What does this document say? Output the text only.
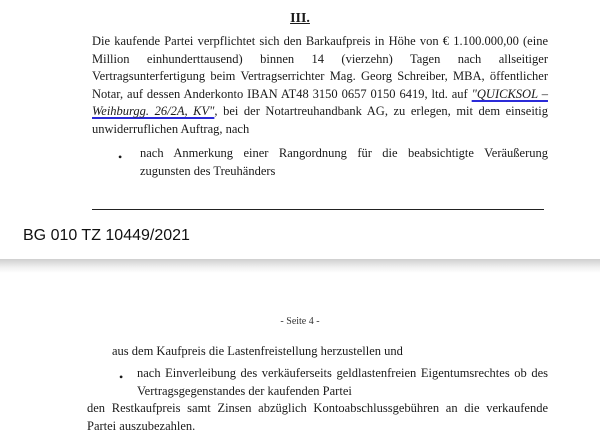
III.
Die kaufende Partei verpflichtet sich den Barkaufpreis in Höhe von € 1.100.000,00 (eine Million einhunderttausend) binnen 14 (vierzehn) Tagen nach allseitiger Vertragsunterfertigung beim Vertragserrichter Mag. Georg Schreiber, MBA, öffentlicher Notar, auf dessen Anderkonto IBAN AT48 3150 0657 0150 6419, ltd. auf "QUICKSOL – Weihburgg. 26/2A, KV", bei der Notartreuhandbank AG, zu erlegen, mit dem einseitig unwiderruflichen Auftrag, nach
• nach Anmerkung einer Rangordnung für die beabsichtigte Veräußerung zugunsten des Treuhänders
BG 010 TZ 10449/2021
- Seite 4 -
aus dem Kaufpreis die Lastenfreistellung herzustellen und
• nach Einverleibung des verkäuferseits geldlastenfreien Eigentumsrechtes ob des Vertragsgegenstandes der kaufenden Partei
den Restkaufpreis samt Zinsen abzüglich Kontoabschlussgebühren an die verkaufende Partei auszubezahlen.
